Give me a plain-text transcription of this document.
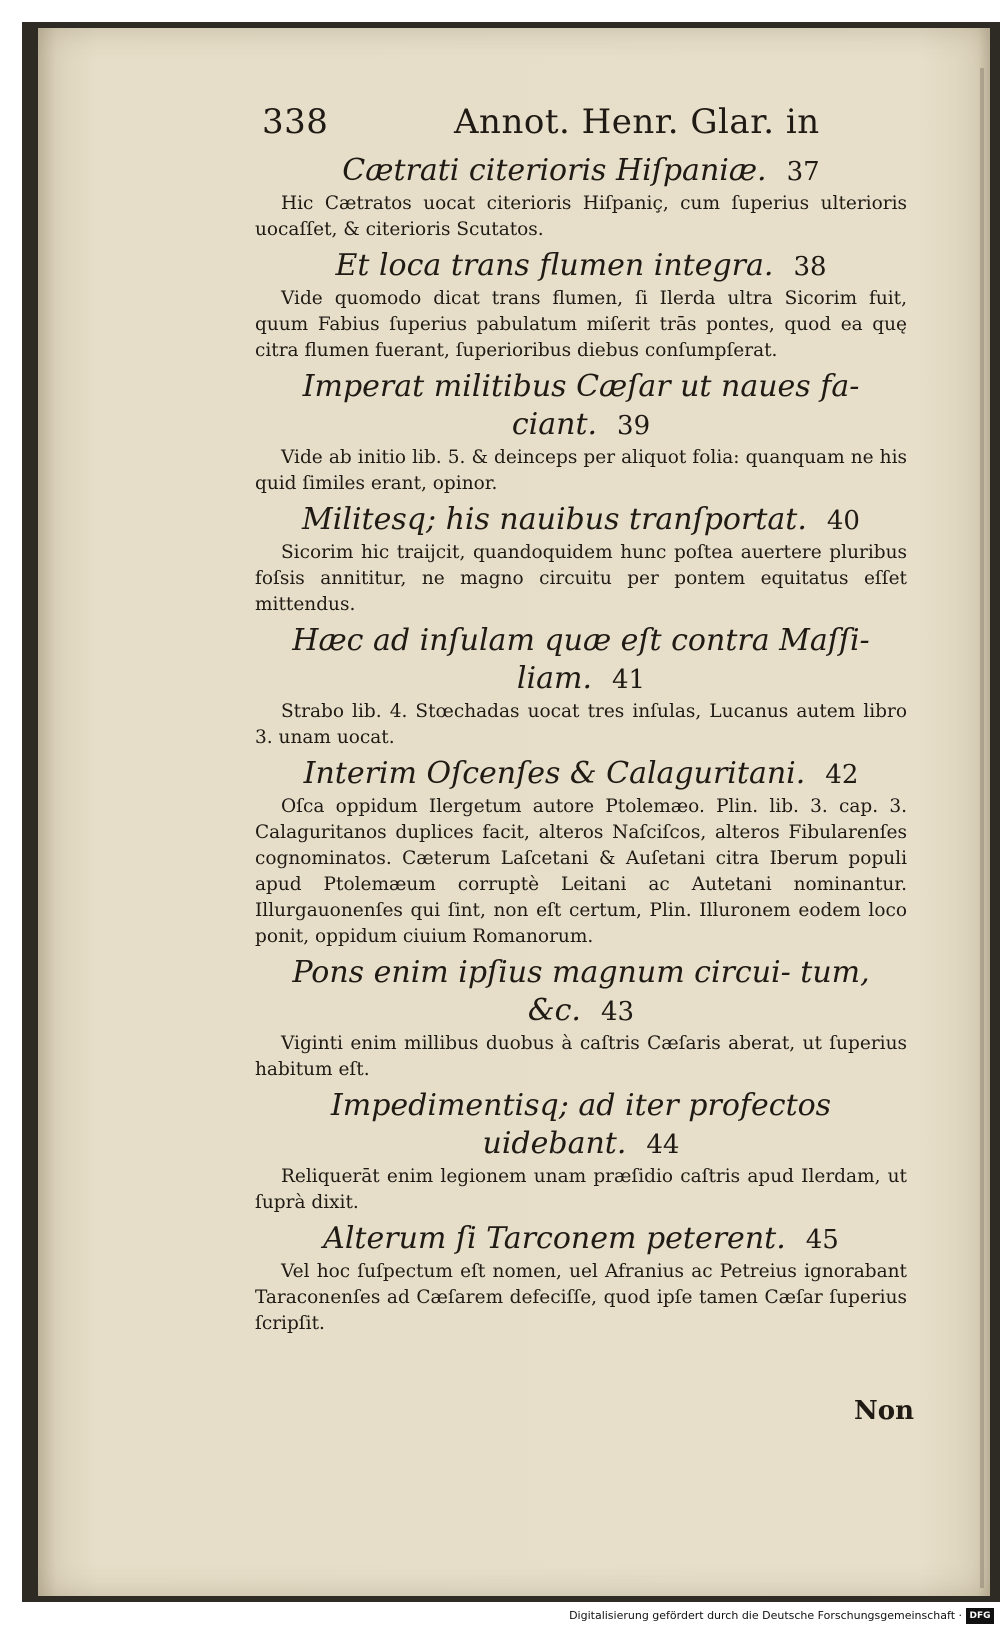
338	Annot. Henr. Glar. in

Cætrati citerioris Hiſpaniæ. 37

Hic Cætratos uocat citerioris Hiſpaniç, cum ſuperius ulterioris uocaſſet, & citerioris Scutatos.

Et loca trans flumen integra. 38

Vide quomodo dicat trans flumen, ſi Ilerda ultra Sicorim fuit, quum Fabius ſuperius pabulatum miſerit trās pontes, quod ea quę citra flumen fuerant, ſuperioribus diebus conſumpſerat.

Imperat militibus Cæſar ut naues fa- ciant. 39

Vide ab initio lib. 5. & deinceps per aliquot folia: quanquam ne his quid ſimiles erant, opinor.

Militesq; his nauibus tranſportat. 40

Sicorim hic traijcit, quandoquidem hunc poſtea auertere pluribus foſsis annititur, ne magno circuitu per pontem equitatus eſſet mittendus.

Hæc ad inſulam quæ eſt contra Maſſi- liam. 41

Strabo lib. 4. Stœchadas uocat tres inſulas, Lucanus autem libro 3. unam uocat.

Interim Oſcenſes & Calaguritani. 42

Oſca oppidum Ilergetum autore Ptolemæo. Plin. lib. 3. cap. 3. Calaguritanos duplices facit, alteros Naſciſcos, alteros Fibularenſes cognominatos. Cæterum Laſcetani & Auſetani citra Iberum populi apud Ptolemæum corruptè Leitani ac Autetani nominantur. Illurgauonenſes qui ſint, non eſt certum, Plin. Illuronem eodem loco ponit, oppidum ciuium Romanorum.

Pons enim ipſius magnum circui- tum, &c. 43

Viginti enim millibus duobus à caſtris Cæſaris aberat, ut ſuperius habitum eſt.

Impedimentisq; ad iter profectos uidebant. 44

Reliquerāt enim legionem unam præſidio caſtris apud Ilerdam, ut ſuprà dixit.

Alterum ſi Tarconem peterent. 45

Vel hoc ſuſpectum eſt nomen, uel Afranius ac Petreius ignorabant Taraconenſes ad Cæſarem defeciſſe, quod ipſe tamen Cæſar ſuperius ſcripſit.

Non
Digitalisierung gefördert durch die Deutsche Forschungsgemeinschaft · DFG
